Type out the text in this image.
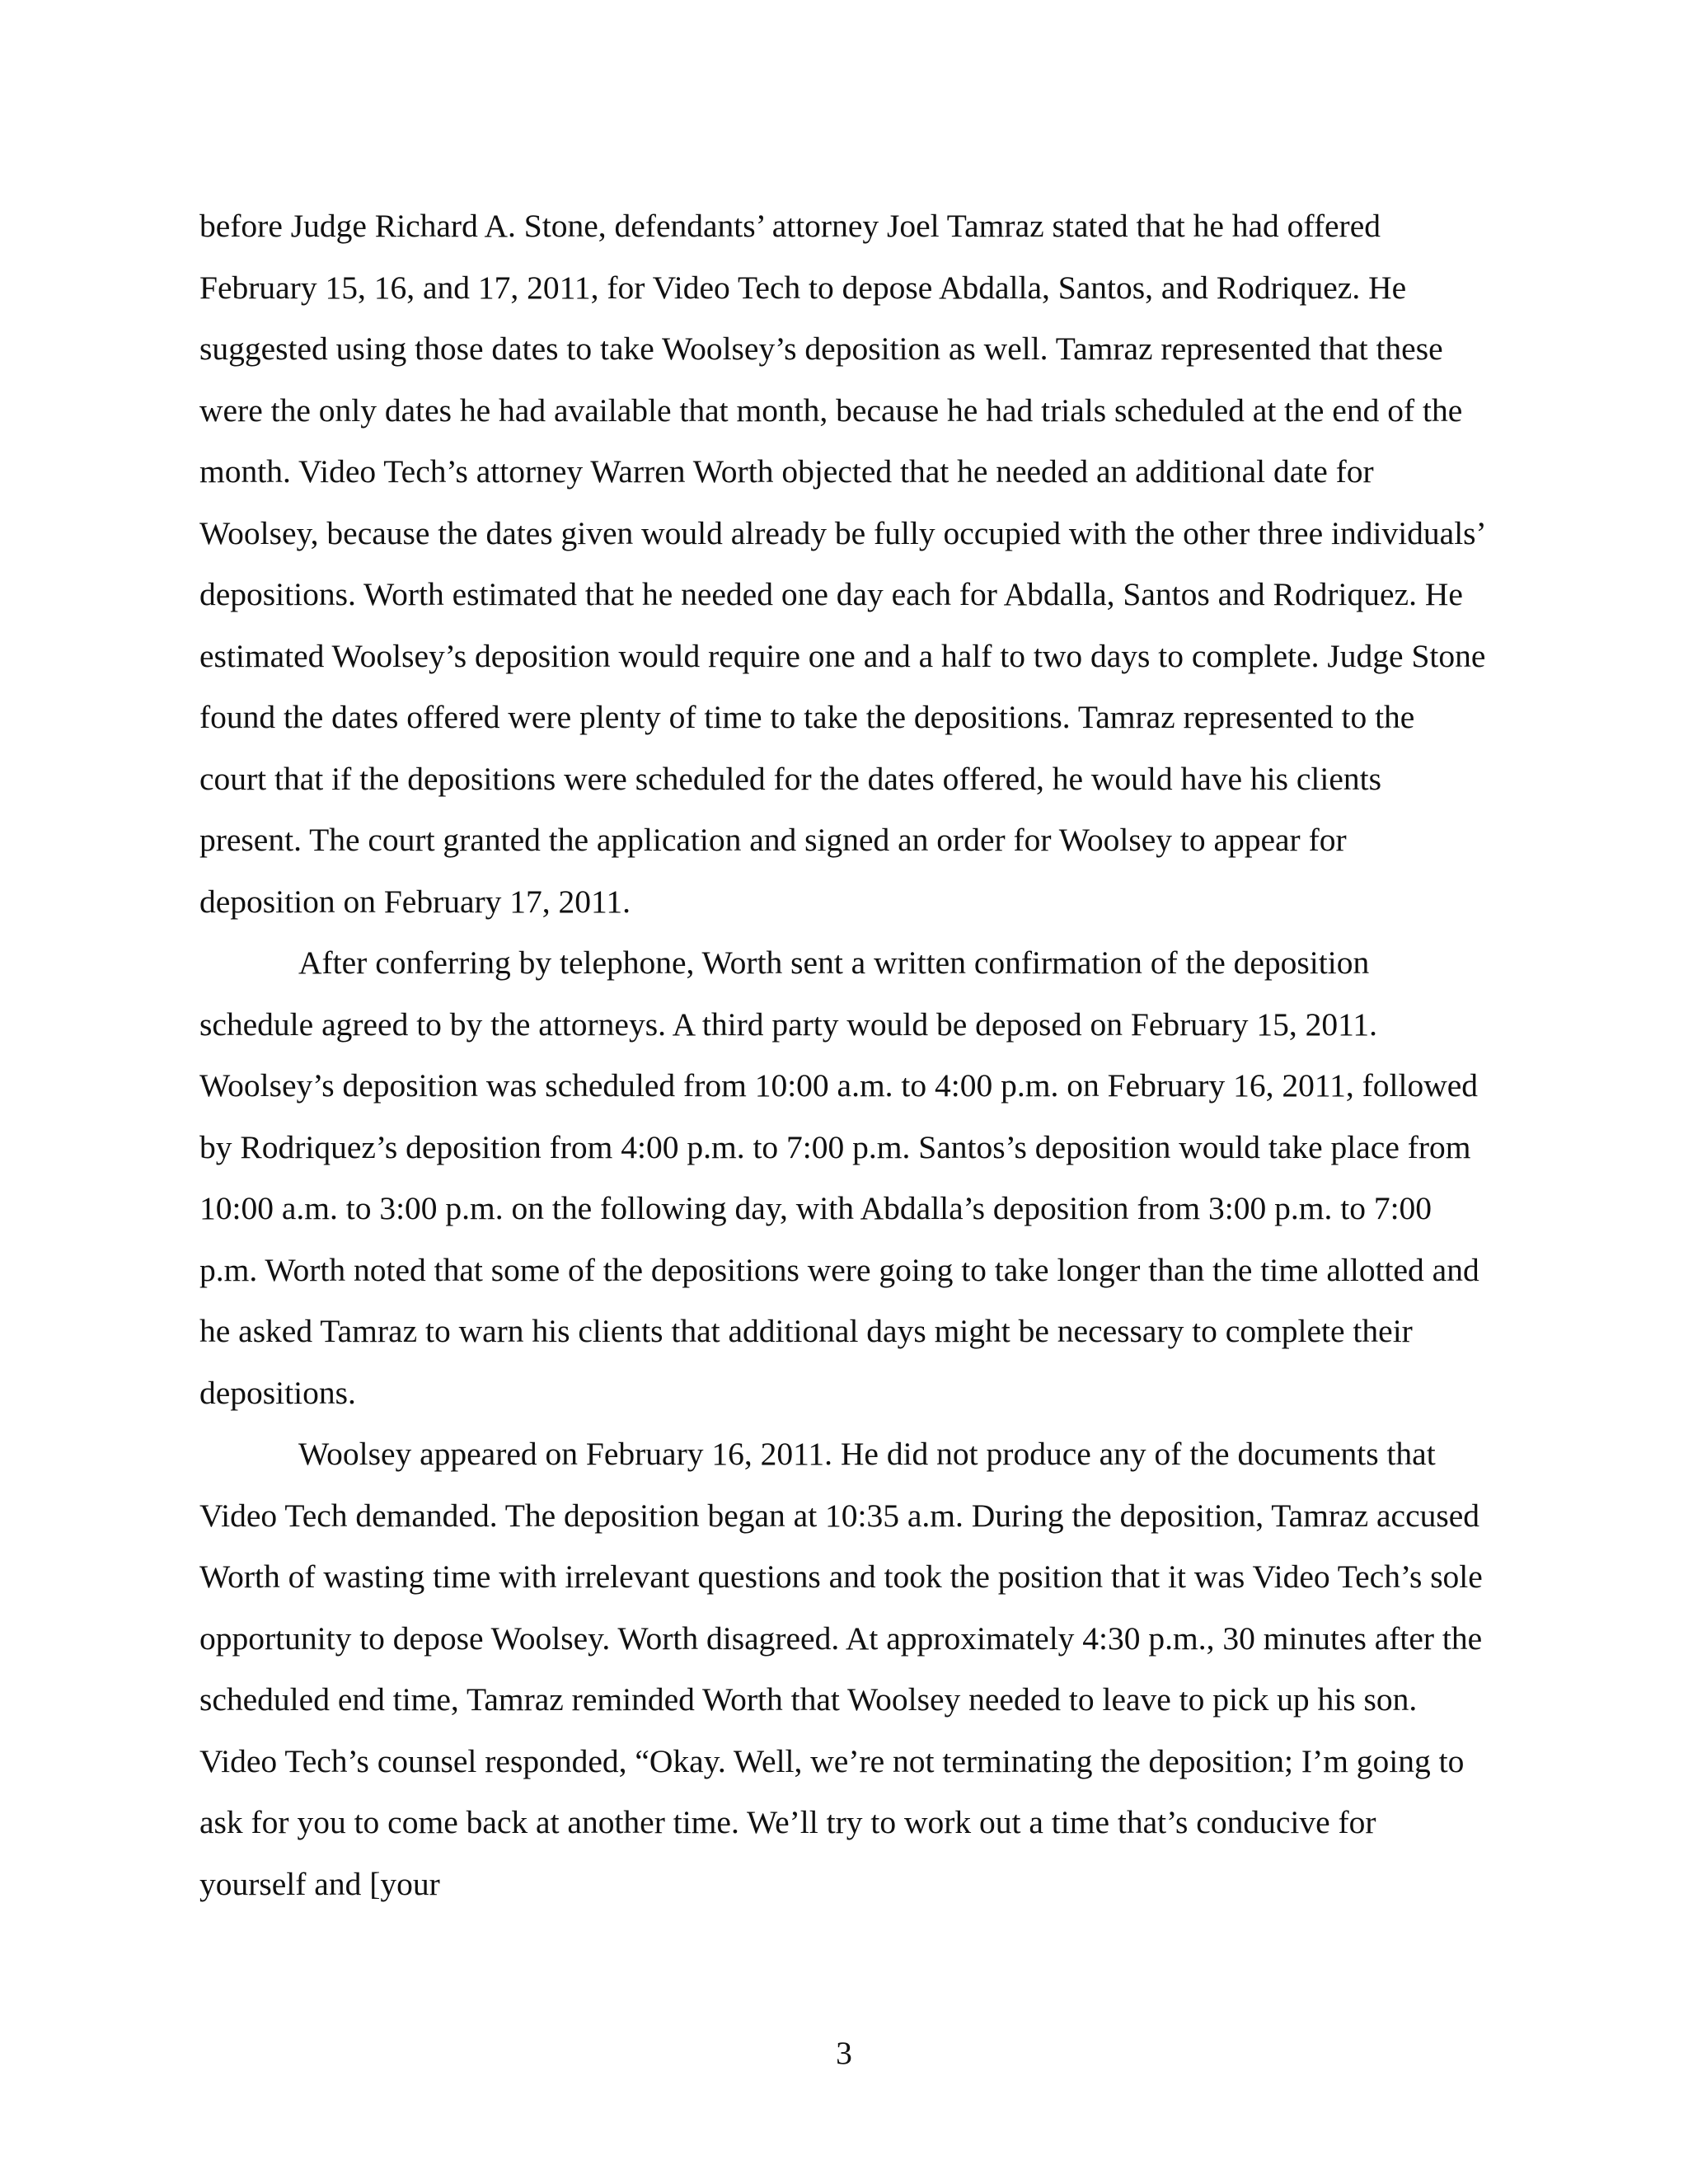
before Judge Richard A. Stone, defendants’ attorney Joel Tamraz stated that he had offered February 15, 16, and 17, 2011, for Video Tech to depose Abdalla, Santos, and Rodriquez. He suggested using those dates to take Woolsey’s deposition as well. Tamraz represented that these were the only dates he had available that month, because he had trials scheduled at the end of the month. Video Tech’s attorney Warren Worth objected that he needed an additional date for Woolsey, because the dates given would already be fully occupied with the other three individuals’ depositions. Worth estimated that he needed one day each for Abdalla, Santos and Rodriquez. He estimated Woolsey’s deposition would require one and a half to two days to complete. Judge Stone found the dates offered were plenty of time to take the depositions. Tamraz represented to the court that if the depositions were scheduled for the dates offered, he would have his clients present. The court granted the application and signed an order for Woolsey to appear for deposition on February 17, 2011.

After conferring by telephone, Worth sent a written confirmation of the deposition schedule agreed to by the attorneys. A third party would be deposed on February 15, 2011. Woolsey’s deposition was scheduled from 10:00 a.m. to 4:00 p.m. on February 16, 2011, followed by Rodriquez’s deposition from 4:00 p.m. to 7:00 p.m. Santos’s deposition would take place from 10:00 a.m. to 3:00 p.m. on the following day, with Abdalla’s deposition from 3:00 p.m. to 7:00 p.m. Worth noted that some of the depositions were going to take longer than the time allotted and he asked Tamraz to warn his clients that additional days might be necessary to complete their depositions.

Woolsey appeared on February 16, 2011. He did not produce any of the documents that Video Tech demanded. The deposition began at 10:35 a.m. During the deposition, Tamraz accused Worth of wasting time with irrelevant questions and took the position that it was Video Tech’s sole opportunity to depose Woolsey. Worth disagreed. At approximately 4:30 p.m., 30 minutes after the scheduled end time, Tamraz reminded Worth that Woolsey needed to leave to pick up his son. Video Tech’s counsel responded, “Okay. Well, we’re not terminating the deposition; I’m going to ask for you to come back at another time. We’ll try to work out a time that’s conducive for yourself and [your

3
